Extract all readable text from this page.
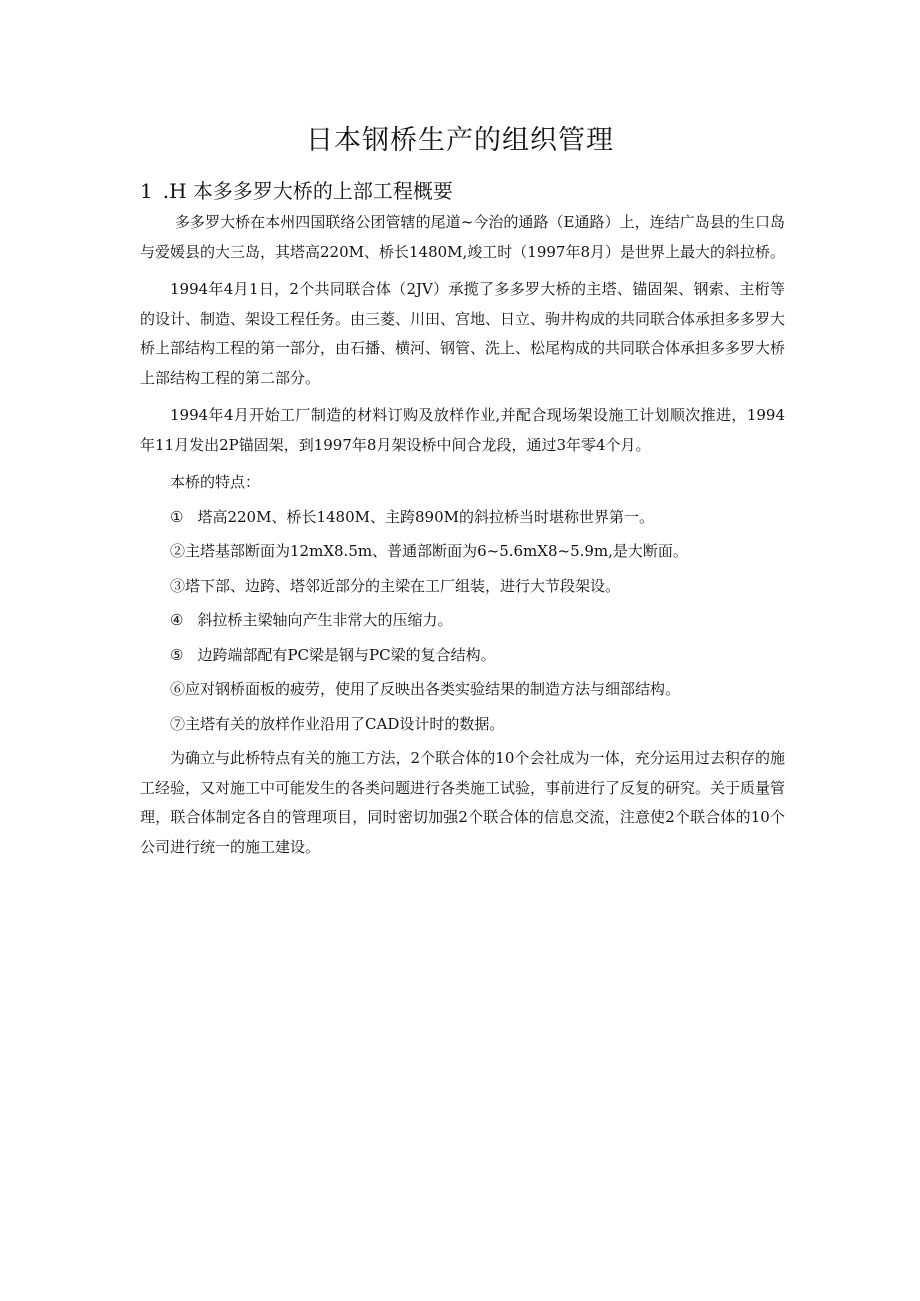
日本钢桥生产的组织管理
1 .H 本多多罗大桥的上部工程概要

多多罗大桥在本州四国联络公团管辖的尾道~今治的通路（E通路）上，连结广岛县的生口岛与爱媛县的大三岛，其塔高220M、桥长1480M,竣工时（1997年8月）是世界上最大的斜拉桥。

1994年4月1日，2个共同联合体（2JV）承揽了多多罗大桥的主塔、锚固架、钢索、主桁等的设计、制造、架设工程任务。由三菱、川田、宫地、日立、驹井构成的共同联合体承担多多罗大桥上部结构工程的第一部分，由石播、横河、钢管、洗上、松尾构成的共同联合体承担多多罗大桥上部结构工程的第二部分。

1994年4月开始工厂制造的材料订购及放样作业,并配合现场架设施工计划顺次推进，1994年11月发出2P锚固架，到1997年8月架设桥中间合龙段，通过3年零4个月。

本桥的特点：

① 塔高220M、桥长1480M、主跨890M的斜拉桥当时堪称世界第一。
②主塔基部断面为12mX8.5m、普通部断面为6~5.6mX8~5.9m,是大断面。
③塔下部、边跨、塔邻近部分的主梁在工厂组装，进行大节段架设。
④ 斜拉桥主梁轴向产生非常大的压缩力。
⑤ 边跨端部配有PC梁是钢与PC梁的复合结构。
⑥应对钢桥面板的疲劳，使用了反映出各类实验结果的制造方法与细部结构。
⑦主塔有关的放样作业沿用了CAD设计时的数据。

为确立与此桥特点有关的施工方法，2个联合体的10个会社成为一体，充分运用过去积存的施工经验，又对施工中可能发生的各类问题进行各类施工试验，事前进行了反复的研究。关于质量管理，联合体制定各自的管理项目，同时密切加强2个联合体的信息交流，注意使2个联合体的10个公司进行统一的施工建设。
